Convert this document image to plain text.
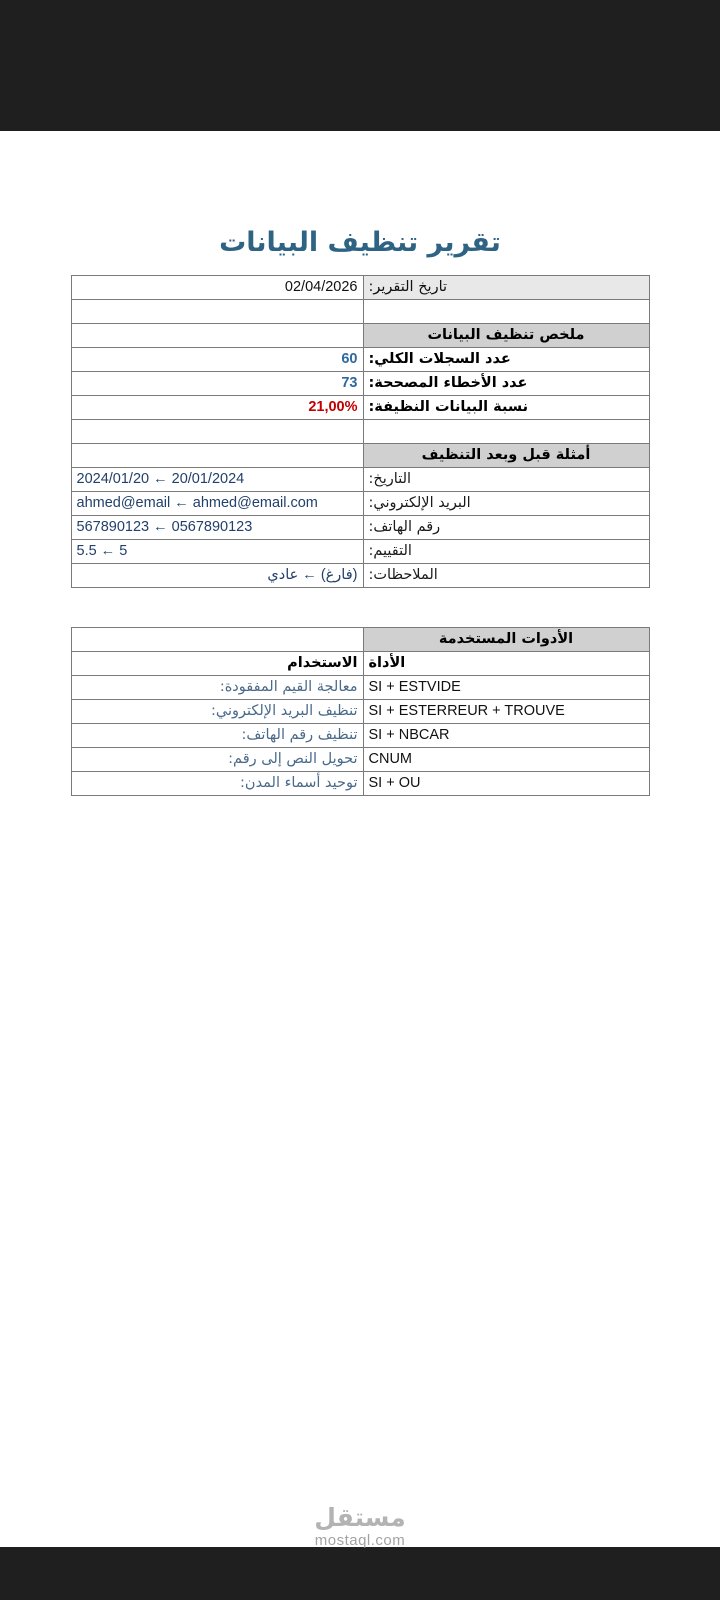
تقرير تنظيف البيانات
تاريخ التقرير:	02/04/2026

ملخص تنظيف البيانات	
عدد السجلات الكلي:	60
عدد الأخطاء المصححة:	73
نسبة البيانات النظيفة:	21,00%

أمثلة قبل وبعد التنظيف	
التاريخ:	2024/01/20 ← 20/01/2024
البريد الإلكتروني:	ahmed@email ← ahmed@email.com
رقم الهاتف:	567890123 ← 0567890123
التقييم:	5.5 ← 5
الملاحظات:	(فارغ) ← عادي
الأدوات المستخدمة	
الأداة	الاستخدام
SI + ESTVIDE	معالجة القيم المفقودة:
SI + ESTERREUR + TROUVE	تنظيف البريد الإلكتروني:
SI + NBCAR	تنظيف رقم الهاتف:
CNUM	تحويل النص إلى رقم:
SI + OU	توحيد أسماء المدن:
مستقل
mostaql.com
